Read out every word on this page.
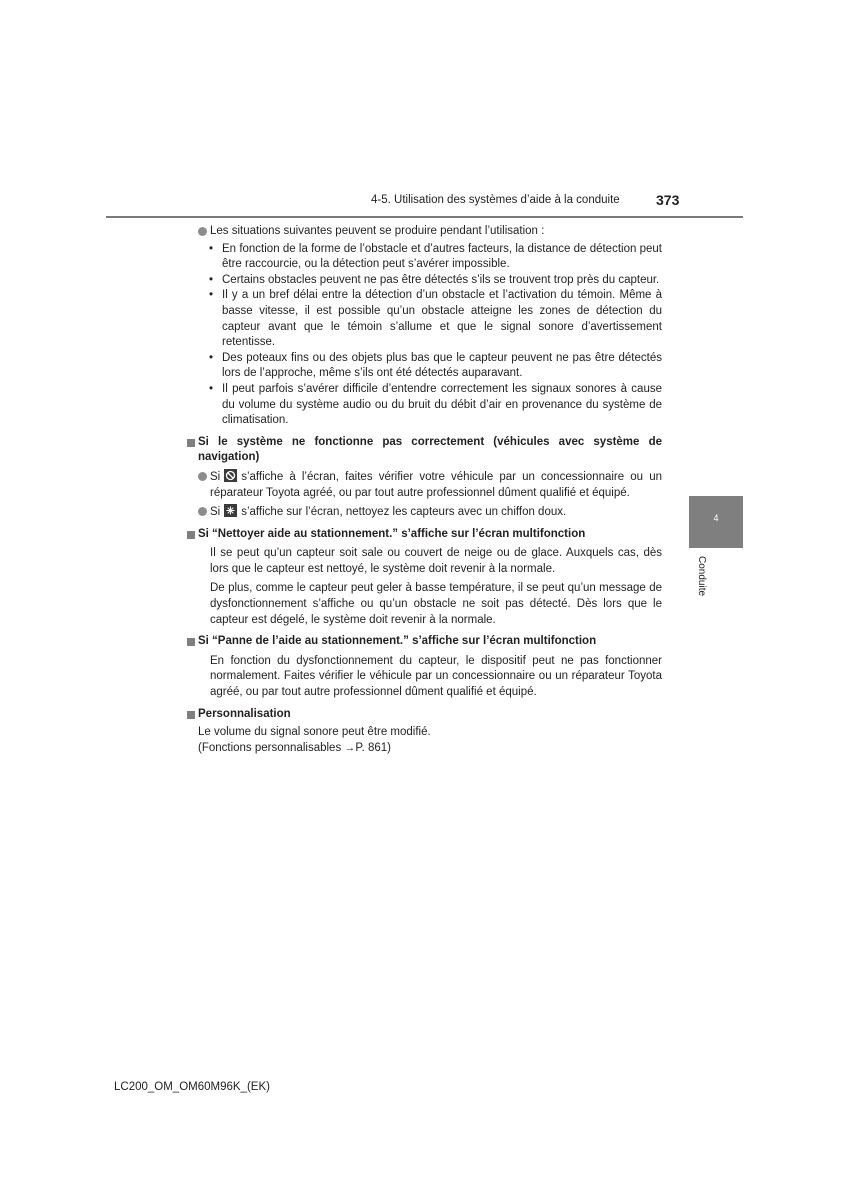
4-5. Utilisation des systèmes d’aide à la conduite	373
4
Conduite
Les situations suivantes peuvent se produire pendant l’utilisation :
• En fonction de la forme de l’obstacle et d’autres facteurs, la distance de détection peut être raccourcie, ou la détection peut s’avérer impossible.
• Certains obstacles peuvent ne pas être détectés s’ils se trouvent trop près du capteur.
• Il y a un bref délai entre la détection d’un obstacle et l’activation du témoin. Même à basse vitesse, il est possible qu’un obstacle atteigne les zones de détection du capteur avant que le témoin s’allume et que le signal sonore d’avertissement retentisse.
• Des poteaux fins ou des objets plus bas que le capteur peuvent ne pas être détectés lors de l’approche, même s’ils ont été détectés auparavant.
• Il peut parfois s’avérer difficile d’entendre correctement les signaux sonores à cause du volume du système audio ou du bruit du débit d’air en provenance du système de climatisation.
Si le système ne fonctionne pas correctement (véhicules avec système de navigation)
Si s’affiche à l’écran, faites vérifier votre véhicule par un concessionnaire ou un réparateur Toyota agréé, ou par tout autre professionnel dûment qualifié et équipé.
Si s’affiche sur l’écran, nettoyez les capteurs avec un chiffon doux.
Si “Nettoyer aide au stationnement.” s’affiche sur l’écran multifonction
Il se peut qu’un capteur soit sale ou couvert de neige ou de glace. Auxquels cas, dès lors que le capteur est nettoyé, le système doit revenir à la normale.
De plus, comme le capteur peut geler à basse température, il se peut qu’un message de dysfonctionnement s’affiche ou qu’un obstacle ne soit pas détecté. Dès lors que le capteur est dégelé, le système doit revenir à la normale.
Si “Panne de l’aide au stationnement.” s’affiche sur l’écran multifonction
En fonction du dysfonctionnement du capteur, le dispositif peut ne pas fonctionner normalement. Faites vérifier le véhicule par un concessionnaire ou un réparateur Toyota agréé, ou par tout autre professionnel dûment qualifié et équipé.
Personnalisation
Le volume du signal sonore peut être modifié.
(Fonctions personnalisables →P. 861)
LC200_OM_OM60M96K_(EK)
